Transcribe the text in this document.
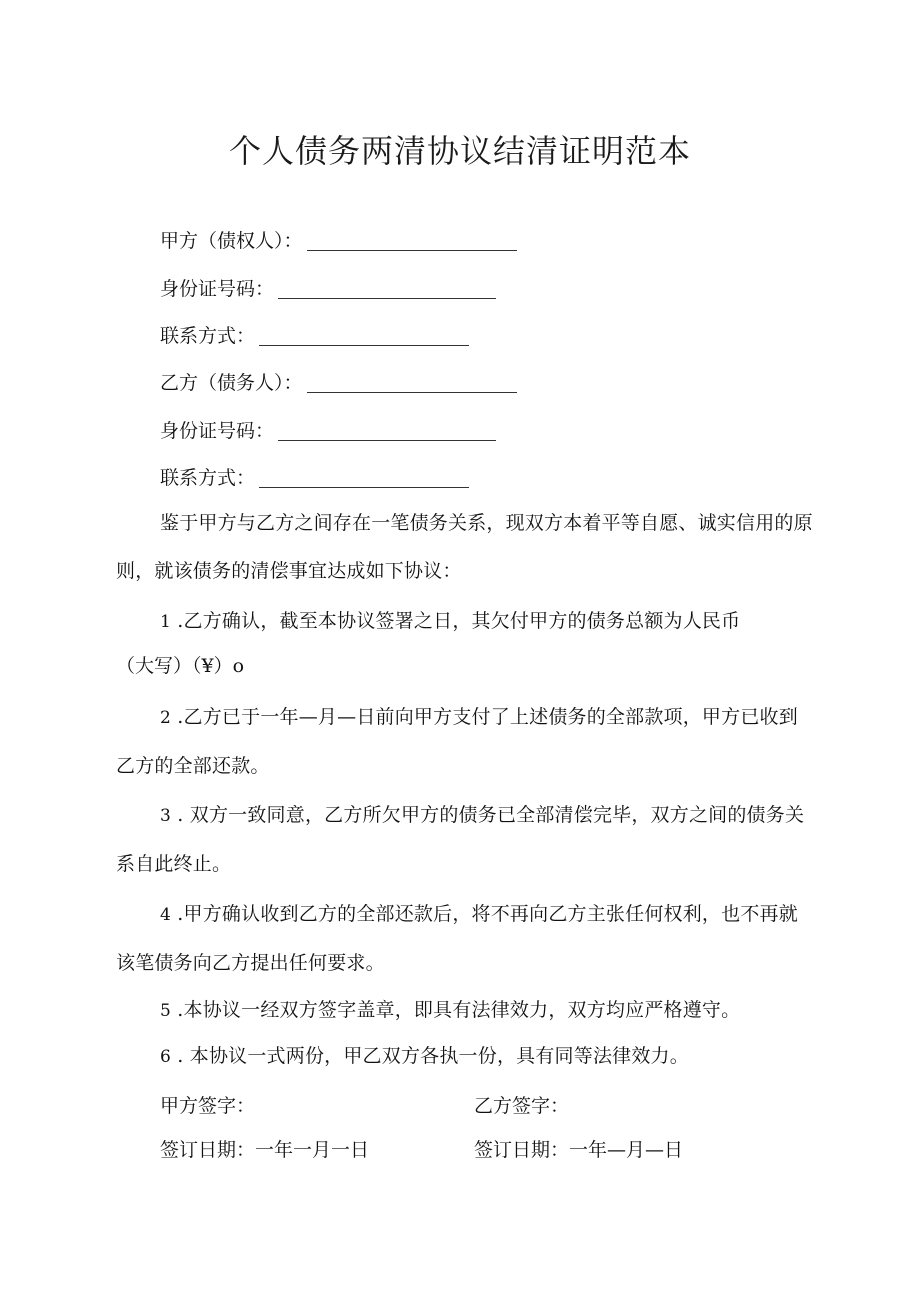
个人债务两清协议结清证明范本
甲方（债权人）：
身份证号码：
联系方式：
乙方（债务人）：
身份证号码：
联系方式：
鉴于甲方与乙方之间存在一笔债务关系，现双方本着平等自愿、诚实信用的原则，就该债务的清偿事宜达成如下协议：
1 .乙方确认，截至本协议签署之日，其欠付甲方的债务总额为人民币
（大写）（¥）o
2 .乙方已于一年—月—日前向甲方支付了上述债务的全部款项，甲方已收到乙方的全部还款。
3 . 双方一致同意，乙方所欠甲方的债务已全部清偿完毕，双方之间的债务关系自此终止。
4 .甲方确认收到乙方的全部还款后，将不再向乙方主张任何权利，也不再就该笔债务向乙方提出任何要求。
5 .本协议一经双方签字盖章，即具有法律效力，双方均应严格遵守。
6 . 本协议一式两份，甲乙双方各执一份，具有同等法律效力。
甲方签字：	乙方签字：
签订日期：一年一月一日	签订日期：一年—月—日
